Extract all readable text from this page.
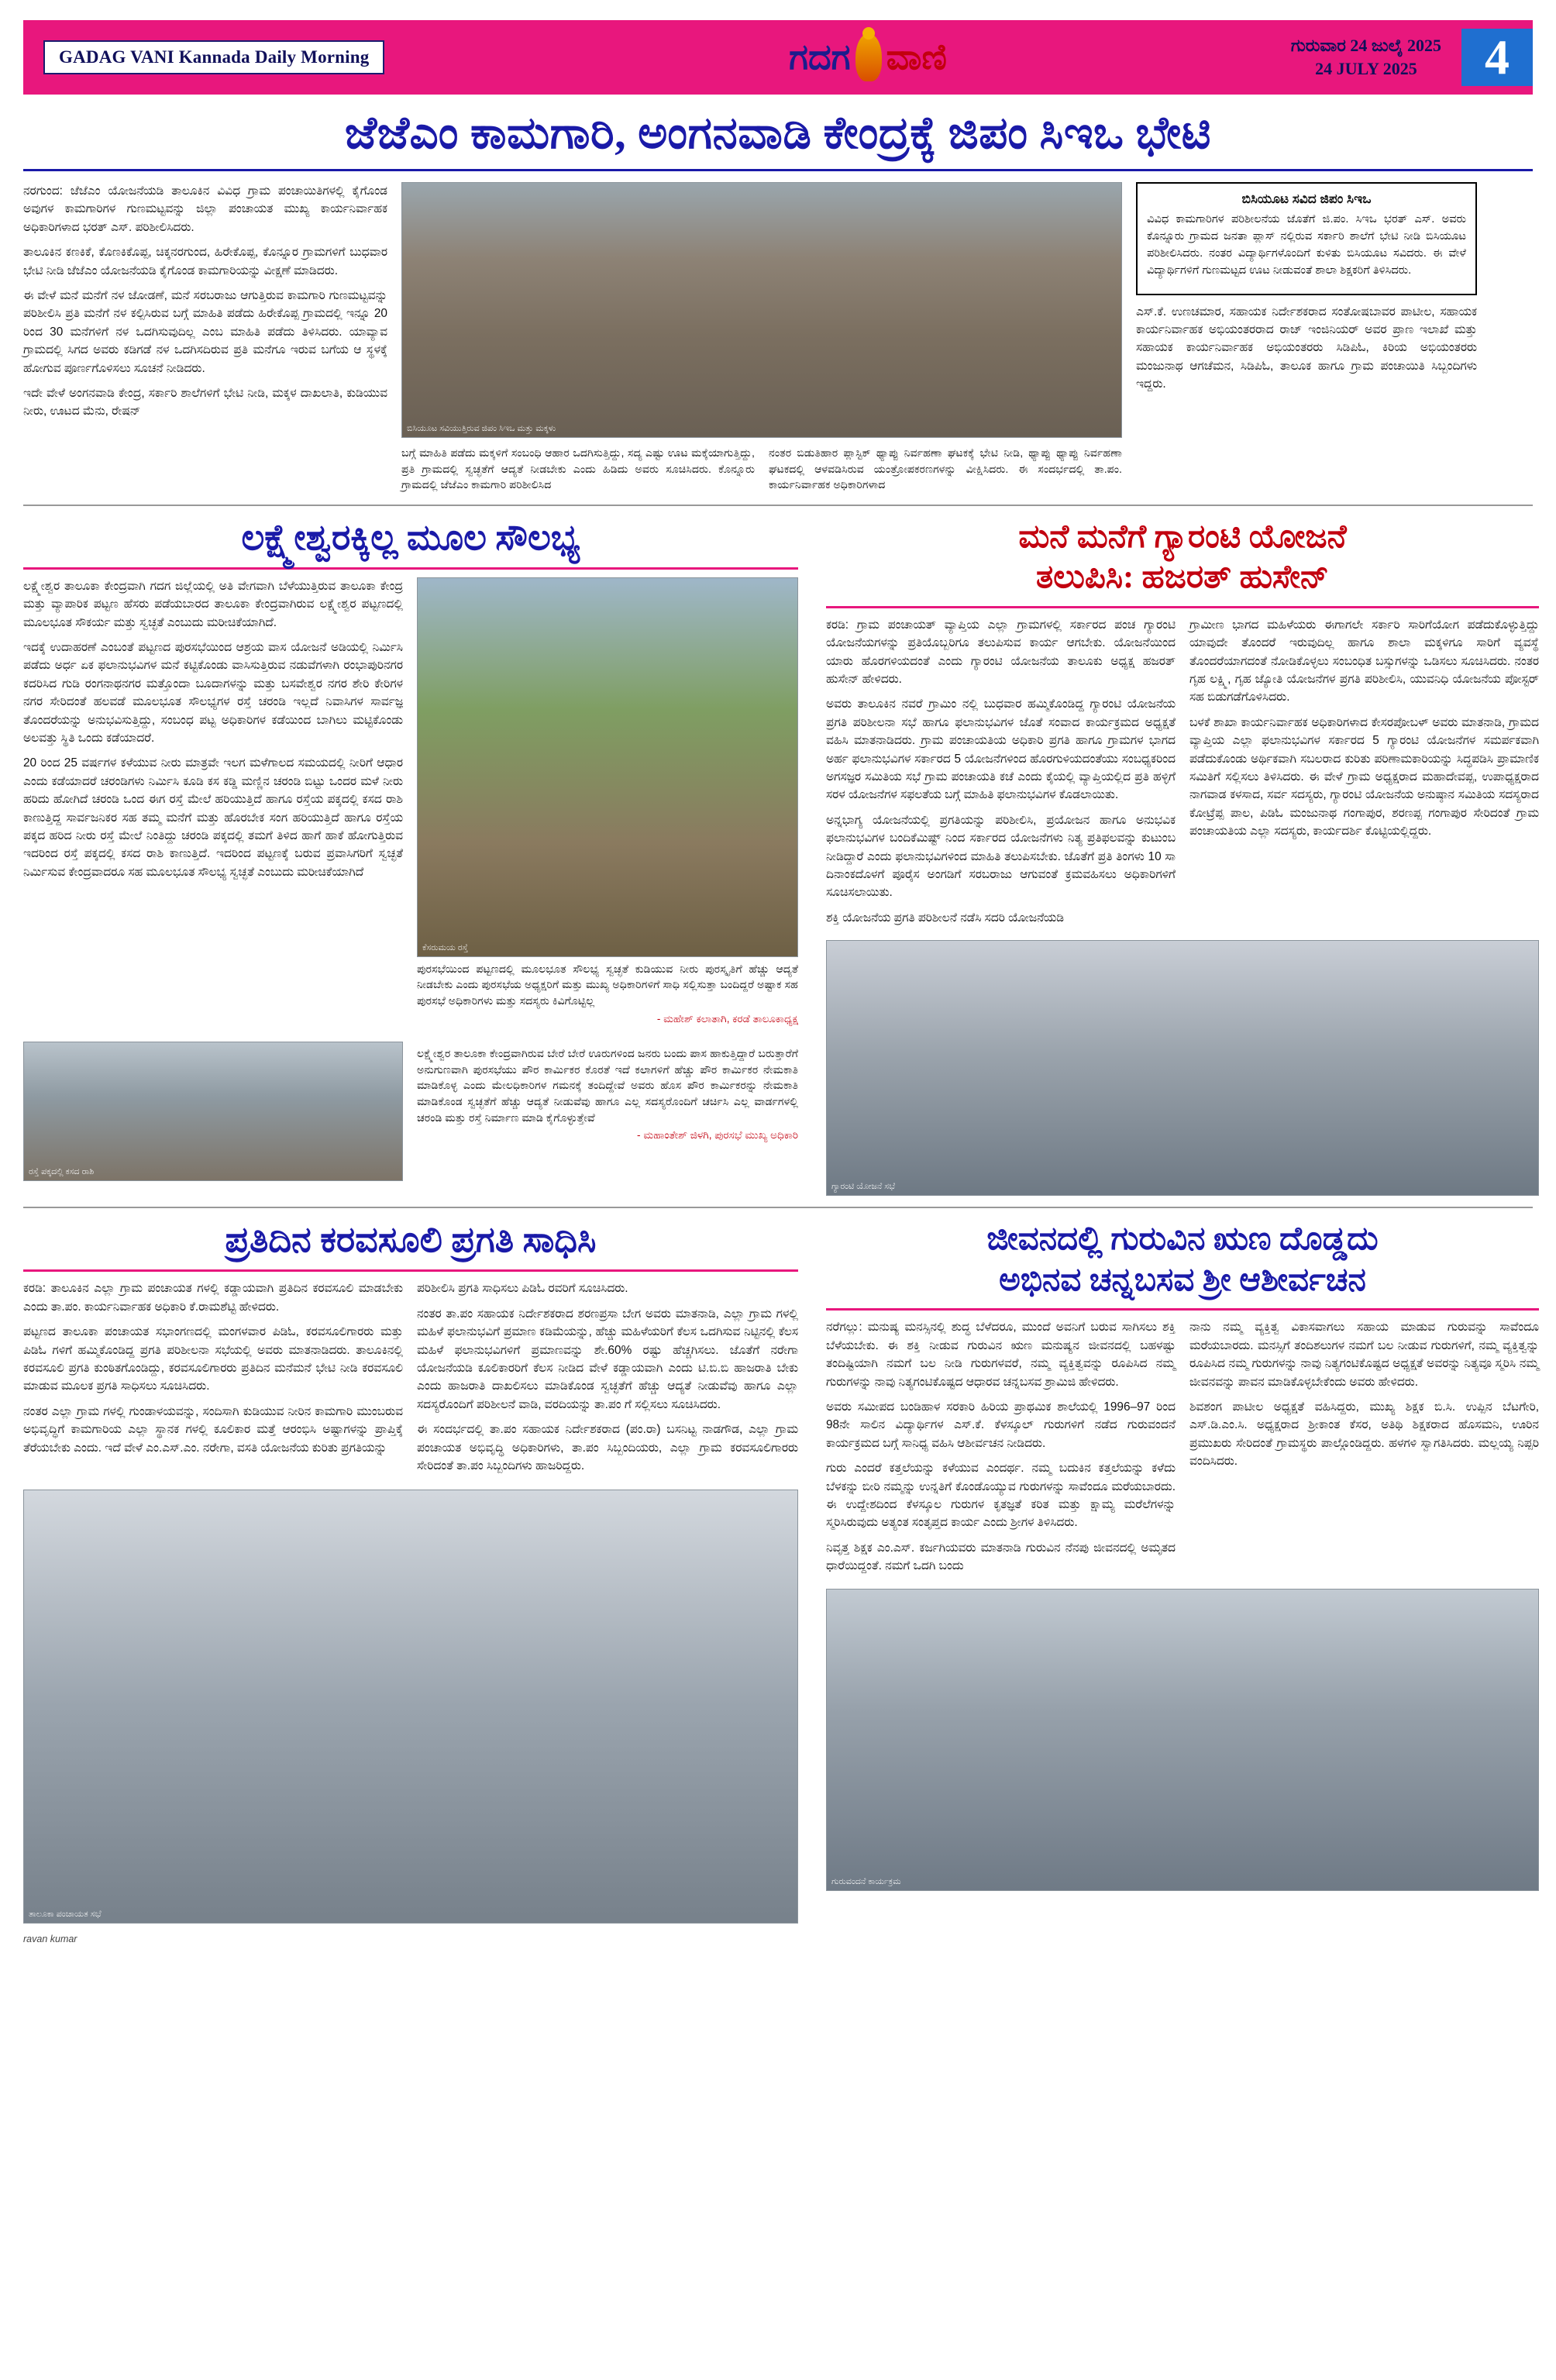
GADAG VANI Kannada Daily Morning	ಗದಗ ವಾಣಿ	ಗುರುವಾರ 24 ಜುಲೈ 2025
24 JULY 2025	4
ಜೆಜೆಎಂ ಕಾಮಗಾರಿ, ಅಂಗನವಾಡಿ ಕೇಂದ್ರಕ್ಕೆ ಜಿಪಂ ಸಿಇಒ ಭೇಟಿ

ನರಗುಂದ: ಜೆಜೆಎಂ ಯೋಜನೆಯಡಿ ತಾಲೂಕಿನ ವಿವಿಧ ಗ್ರಾಮ ಪಂಚಾಯಿತಿಗಳಲ್ಲಿ ಕೈಗೊಂಡ ಅವುಗಳ ಕಾಮಗಾರಿಗಳ ಗುಣಮಟ್ಟವನ್ನು ಜಿಲ್ಲಾ ಪಂಚಾಯತ ಮುಖ್ಯ ಕಾರ್ಯನಿರ್ವಾಹಕ ಅಧಿಕಾರಿಗಳಾದ ಭರತ್ ಎಸ್. ಪರಿಶೀಲಿಸಿದರು.

ತಾಲೂಕಿನ ಕಣಕಿಕೆ, ಕೊಣಕಿಕೊಪ್ಪ, ಚಿಕ್ಕನರಗುಂದ, ಹಿರೇಕೊಪ್ಪ, ಕೊನ್ನೂರ ಗ್ರಾಮಗಳಿಗೆ ಬುಧವಾರ ಭೇಟಿ ನೀಡಿ ಜೆಜೆಎಂ ಯೋಜನೆಯಡಿ ಕೈಗೊಂಡ ಕಾಮಗಾರಿಯನ್ನು ವೀಕ್ಷಣೆ ಮಾಡಿದರು.

ಈ ವೇಳೆ ಮನೆ ಮನೆಗೆ ನಳ ಜೋಡಣೆ, ಮನೆ ಸರಬರಾಜು ಆಗುತ್ತಿರುವ ಕಾಮಗಾರಿ ಗುಣಮಟ್ಟವನ್ನು ಪರಿಶೀಲಿಸಿ ಪ್ರತಿ ಮನೆಗೆ ನಳ ಕಲ್ಪಿಸಿರುವ ಬಗ್ಗೆ ಮಾಹಿತಿ ಪಡೆದು ಹಿರೇಕೊಪ್ಪ ಗ್ರಾಮದಲ್ಲಿ ಇನ್ನೂ 20 ರಿಂದ 30 ಮನೆಗಳಿಗೆ ನಳ ಒದಗಿಸುವುದಿಲ್ಲ ಎಂಬ ಮಾಹಿತಿ ಪಡೆದು ತಿಳಿಸಿದರು. ಯಾವ್ಯಾವ ಗ್ರಾಮದಲ್ಲಿ ಸಿಗದ ಅವರು ಕಡಿಗಡೆ ನಳ ಒದಗಿಸದಿರುವ ಪ್ರತಿ ಮನೆಗೂ ಇರುವ ಬಗೆಯ ಆ ಸ್ಥಳಕ್ಕೆ ಹೋಗುವ ಪೂರ್ಣಗೊಳಿಸಲು ಸೂಚನೆ ನೀಡಿದರು.

ಇದೇ ವೇಳೆ ಅಂಗನವಾಡಿ ಕೇಂದ್ರ, ಸರ್ಕಾರಿ ಶಾಲೆಗಳಿಗೆ ಭೇಟಿ ನೀಡಿ, ಮಕ್ಕಳ ದಾಖಲಾತಿ, ಕುಡಿಯುವ ನೀರು, ಊಟದ ಮೆನು, ರೇಷನ್

ಬಿಸಿಯೂಟ ಸವಿಯುತ್ತಿರುವ ಜಿಪಂ ಸಿಇಒ ಮತ್ತು ಮಕ್ಕಳು

ಬಗ್ಗೆ ಮಾಹಿತಿ ಪಡೆದು ಮಕ್ಕಳಿಗೆ ಸಂಬಂಧಿ ಆಹಾರ ಒದಗಿಸುತ್ತಿದ್ದು, ಸದ್ಯ ಎಷ್ಟು ಊಟ ಮಕ್ಕೆಯಾಗುತ್ತಿದ್ದು, ಪ್ರತಿ ಗ್ರಾಮದಲ್ಲಿ ಸ್ವಚ್ಛತೆಗೆ ಆದ್ಯತೆ ನೀಡಬೇಕು ಎಂದು ಹಿಡಿದು ಅವರು ಸೂಚಿಸಿದರು. ಕೊನ್ನೂರು ಗ್ರಾಮದಲ್ಲಿ ಜೆಜೆಎಂ ಕಾಮಗಾರಿ ಪರಿಶೀಲಿಸಿದ

ನಂತರ ಬಿಡುತಿಹಾರ ಪ್ಲಾಸ್ಟಿಕ್ ಥ್ಯಾಪ್ಪು ನಿರ್ವಹಣಾ ಘಟಕಕ್ಕೆ ಭೇಟಿ ನೀಡಿ, ಥ್ಯಾಪ್ಪು ಥ್ಯಾಪ್ಪು ನಿರ್ವಹಣಾ ಘಟಕದಲ್ಲಿ ಆಳವಡಿಸಿರುವ ಯಂತ್ರೋಪಕರಣಗಳನ್ನು ವೀಕ್ಷಿಸಿದರು. ಈ ಸಂದರ್ಭದಲ್ಲಿ ತಾ.ಪಂ. ಕಾರ್ಯನಿರ್ವಾಹಕ ಅಧಿಕಾರಿಗಳಾದ

ಬಿಸಿಯೂಟ ಸವಿದ ಜಿಪಂ ಸಿಇಒ

ವಿವಿಧ ಕಾಮಗಾರಿಗಳ ಪರಿಶೀಲನೆಯ ಜೊತೆಗೆ ಜಿ.ಪಂ. ಸಿಇಒ ಭರತ್ ಎಸ್. ಅವರು ಕೊನ್ನೂರು ಗ್ರಾಮದ ಜನತಾ ಪ್ಲಾಸ್ ನಲ್ಲಿರುವ ಸರ್ಕಾರಿ ಶಾಲೆಗೆ ಭೇಟಿ ನೀಡಿ ಬಿಸಿಯೂಟ ಪರಿಶೀಲಿಸಿದರು. ನಂತರ ವಿದ್ಯಾರ್ಥಿಗಳೊಂದಿಗೆ ಕುಳಿತು ಬಿಸಿಯೂಟ ಸವಿದರು. ಈ ವೇಳೆ ವಿದ್ಯಾರ್ಥಿಗಳಿಗೆ ಗುಣಮಟ್ಟದ ಊಟ ನೀಡುವಂತೆ ಶಾಲಾ ಶಿಕ್ಷಕರಿಗೆ ತಿಳಿಸಿದರು.

ಎಸ್.ಕೆ. ಉಣಚಮಾರ, ಸಹಾಯಕ ನಿರ್ದೇಶಕರಾದ ಸಂತೋಷಬಾವರ ಪಾಟೀಲ, ಸಹಾಯಕ ಕಾರ್ಯನಿರ್ವಾಹಕ ಅಭಿಯಂತರರಾದ ರಾಜ್ ಇಂಜಿನಿಯರ್ ಅವರ ಪ್ರಾಣ ಇಲಾಖೆ ಮತ್ತು ಸಹಾಯಕ ಕಾರ್ಯನಿರ್ವಾಹಕ ಅಭಿಯಂತರರು ಸಿಡಿಪಿಓ, ಕಿರಿಯ ಅಭಿಯಂತರರು ಮಂಜುನಾಥ ಆಗಚೆಮನ, ಸಿಡಿಪಿಓ, ತಾಲೂಕ ಹಾಗೂ ಗ್ರಾಮ ಪಂಚಾಯಿತಿ ಸಿಬ್ಬಂದಿಗಳು ಇದ್ದರು.

ಲಕ್ಷ್ಮೇಶ್ವರಕ್ಕಿಲ್ಲ ಮೂಲ ಸೌಲಭ್ಯ

ಲಕ್ಷ್ಮೇಶ್ವರ ತಾಲೂಕಾ ಕೇಂದ್ರವಾಗಿ ಗದಗ ಜಿಲ್ಲೆಯಲ್ಲಿ ಅತಿ ವೇಗವಾಗಿ ಬೆಳೆಯುತ್ತಿರುವ ತಾಲೂಕಾ ಕೇಂದ್ರ ಮತ್ತು ವ್ಯಾಪಾರಿಕ ಪಟ್ಟಣ ಹೆಸರು ಪಡೆಯಬಾರದ ತಾಲೂಕಾ ಕೇಂದ್ರವಾಗಿರುವ ಲಕ್ಷ್ಮೇಶ್ವರ ಪಟ್ಟಣದಲ್ಲಿ ಮೂಲಭೂತ ಸೌಕರ್ಯ ಮತ್ತು ಸ್ವಚ್ಛತೆ ಎಂಬುದು ಮರೀಚಿಕೆಯಾಗಿದೆ.

ಇದಕ್ಕೆ ಉದಾಹರಣೆ ಎಂಬಂತೆ ಪಟ್ಟಣದ ಪುರಸಭೆಯಿಂದ ಆಶ್ರಯ ವಾಸ ಯೋಜನೆ ಅಡಿಯಲ್ಲಿ ನಿರ್ಮಿಸಿ ಪಡೆದು ಅರ್ಧ ಏಕ ಫಲಾನುಭವಿಗಳ ಮನೆ ಕಟ್ಟಿಕೊಂಡು ವಾಸಿಸುತ್ತಿರುವ ನಡುವೆಗಳಾಗಿ ರಂಭಾಪುರಿನಗರ ಕದರಿಸಿದ ಗುಡಿ ರಂಗನಾಥನಗರ ಮತ್ತೊಂದಾ ಬೂದಾಗಳನ್ನು ಮತ್ತು ಬಸವೇಶ್ವರ ನಗರ ಶೇರಿ ಕೇರಿಗಳ ನಗರ ಸೇರಿದಂತೆ ಹಲವಡೆ ಮೂಲಭೂತ ಸೌಲಭ್ಯಗಳ ರಸ್ತೆ ಚರಂಡಿ ಇಲ್ಲದೆ ನಿವಾಸಿಗಳ ಸಾರ್ವಜ್ಞ ತೊಂದರೆಯನ್ನು ಅನುಭವಿಸುತ್ತಿದ್ದು, ಸಂಬಂಧ ಪಟ್ಟ ಅಧಿಕಾರಿಗಳ ಕಡೆಯಿಂದ ಬಾಗಿಲು ಮಟ್ಟಿಕೊಂಡು ಅಲವತ್ತು ಸ್ಥಿತಿ ಒಂದು ಕಡೆಯಾದರೆ.

20 ರಿಂದ 25 ವರ್ಷಗಳ ಕಳೆಯುವ ನೀರು ಮಾತ್ರವೇ ಇಲಗ ಮಳೆಗಾಲದ ಸಮಯದಲ್ಲಿ ನೀರಿಗೆ ಆಧಾರ ಎಂದು ಕಡೆಯಾದರೆ ಚರಂಡಿಗಳು ನಿರ್ಮಿಸಿ ಕೂಡಿ ಕಸ ಕಡ್ಡಿ ಮಣ್ಣಿನ ಚರಂಡಿ ಬಿಟ್ಟು ಒಂದರ ಮಳೆ ನೀರು ಹರಿದು ಹೋಗಿದೆ ಚರಂಡಿ ಒಂದ ಈಗ ರಸ್ತೆ ಮೇಲೆ ಹರಿಯುತ್ತಿದೆ ಹಾಗೂ ರಸ್ತೆಯ ಪಕ್ಕದಲ್ಲಿ ಕಸದ ರಾಶಿ ಕಾಣುತ್ತಿದ್ದ ಸಾರ್ವಜನಿಕರ ಸಹ ತಮ್ಮ ಮನೆಗೆ ಮತ್ತು ಹೊರಬೇಕ ಸಂಗ ಹರಿಯುತ್ತಿದೆ ಹಾಗೂ ರಸ್ತೆಯ ಪಕ್ಕದ ಹರಿದ ನೀರು ರಸ್ತೆ ಮೇಲೆ ನಿಂತಿದ್ದು ಚರಂಡಿ ಪಕ್ಕದಲ್ಲಿ ತಮಗೆ ತಿಳಿದ ಹಾಗೆ ಹಾಕೆ ಹೋಗುತ್ತಿರುವ ಇದರಿಂದ ರಸ್ತೆ ಪಕ್ಕದಲ್ಲಿ ಕಸದ ರಾಶಿ ಕಾಣುತ್ತಿದೆ. ಇದರಿಂದ ಪಟ್ಟಣಕ್ಕೆ ಬರುವ ಪ್ರವಾಸಿಗರಿಗೆ ಸ್ವಚ್ಛತೆ ನಿರ್ಮಿಸುವ ಕೇಂದ್ರವಾದರೂ ಸಹ ಮೂಲಭೂತ ಸೌಲಭ್ಯ ಸ್ವಚ್ಛತೆ ಎಂಬುದು ಮರೀಚಿಕೆಯಾಗಿದೆ

ಕೆಸರುಮಯ ರಸ್ತೆ

ಪುರಸಭೆಯಿಂದ ಪಟ್ಟಣದಲ್ಲಿ ಮೂಲಭೂತ ಸೌಲಭ್ಯ ಸ್ವಚ್ಛತೆ ಕುಡಿಯುವ ನೀರು ಪುರಸ್ಕೃತಿಗೆ ಹೆಚ್ಚು ಆದ್ಯತೆ ನೀಡಬೇಕು ಎಂದು ಪುರಸಭೆಯ ಅಧ್ಯಕ್ಷರಿಗೆ ಮತ್ತು ಮುಖ್ಯ ಅಧಿಕಾರಿಗಳಿಗೆ ಸಾಧಿ ಸಲ್ಲಿಸುತ್ತಾ ಬಂದಿದ್ದರೆ ಅಷ್ಟಾಕ ಸಹ ಪುರಸಭೆ ಅಧಿಕಾರಿಗಳು ಮತ್ತು ಸದಸ್ಯರು ಕಿವಿಗೊಟ್ಟಿಲ್ಲ

- ಮಹೇಶ್ ಕಲಾತಾಗಿ, ಕರಡೆ ತಾಲೂಕಾಧ್ಯಕ್ಷ

ರಸ್ತೆ ಪಕ್ಕದಲ್ಲಿ ಕಸದ ರಾಶಿ

ಲಕ್ಷ್ಮೇಶ್ವರ ತಾಲೂಕಾ ಕೇಂದ್ರವಾಗಿರುವ ಬೇರೆ ಬೇರೆ ಊರುಗಳಿಂದ ಜನರು ಬಂದು ಪಾಸ ಹಾಕುತ್ತಿದ್ದಾರೆ ಬರುತ್ತಾರೆಗೆ ಅನುಗುಣವಾಗಿ ಪುರಸಭೆಯು ಪೌರ ಕಾರ್ಮಿಕರ ಕೊರತೆ ಇದೆ ಕಲಾಗಳಿಗೆ ಹೆಚ್ಚು ಪೌರ ಕಾರ್ಮಿಕರ ನೇಮಕಾತಿ ಮಾಡಿಕೊಳ್ಳ ಎಂದು ಮೇಲಧಿಕಾರಿಗಳ ಗಮನಕ್ಕೆ ತಂದಿದ್ದೇವೆ ಅವರು ಹೊಸ ಪೌರ ಕಾರ್ಮಿಕರನ್ನು ನೇಮಕಾತಿ ಮಾಡಿಕೊಂಡ ಸ್ವಚ್ಛತೆಗೆ ಹೆಚ್ಚು ಆದ್ಯತೆ ನೀಡುವೆವು ಹಾಗೂ ಎಲ್ಲ ಸದಸ್ಯರೊಂದಿಗೆ ಚರ್ಚಿಸಿ ಎಲ್ಲ ವಾರ್ಡಗಳಲ್ಲಿ ಚರಂಡಿ ಮತ್ತು ರಸ್ತೆ ನಿರ್ಮಾಣ ಮಾಡಿ ಕೈಗೊಳ್ಳುತ್ತೇವೆ

- ಮಹಾಂತೇಶ್ ಜಿಳಗಿ, ಪುರಸಭೆ ಮುಖ್ಯ ಅಧಿಕಾರಿ

ಮನೆ ಮನೆಗೆ ಗ್ಯಾರಂಟಿ ಯೋಜನೆ
ತಲುಪಿಸಿ: ಹಜರತ್ ಹುಸೇನ್

ಕರಡಿ: ಗ್ರಾಮ ಪಂಚಾಯತ್ ವ್ಯಾಪ್ತಿಯ ಎಲ್ಲಾ ಗ್ರಾಮಗಳಲ್ಲಿ ಸರ್ಕಾರದ ಪಂಚ ಗ್ಯಾರಂಟಿ ಯೋಜನೆಯಗಳನ್ನು ಪ್ರತಿಯೊಬ್ಬರಿಗೂ ತಲುಪಿಸುವ ಕಾರ್ಯ ಆಗಬೇಕು. ಯೋಜನೆಯಿಂದ ಯಾರು ಹೊರಗಳಿಯದಂತೆ ಎಂದು ಗ್ಯಾರಂಟಿ ಯೋಜನೆಯ ತಾಲೂಕು ಅಧ್ಯಕ್ಷ ಹಜರತ್ ಹುಸೇನ್ ಹೇಳಿದರು.

ಅವರು ತಾಲೂಕಿನ ನವರೆ ಗ್ರಾಮಿಂ ನಲ್ಲಿ ಬುಧವಾರ ಹಮ್ಮಿಕೊಂಡಿದ್ದ ಗ್ಯಾರಂಟಿ ಯೋಜನೆಯ ಪ್ರಗತಿ ಪರಿಶೀಲನಾ ಸಭೆ ಹಾಗೂ ಫಲಾನುಭವಿಗಳ ಜೊತೆ ಸಂವಾದ ಕಾರ್ಯಕ್ರಮದ ಅಧ್ಯಕ್ಷತೆ ವಹಿಸಿ ಮಾತನಾಡಿದರು. ಗ್ರಾಮ ಪಂಚಾಯತಿಯ ಅಧಿಕಾರಿ ಪ್ರಗತಿ ಹಾಗೂ ಗ್ರಾಮಗಳ ಭಾಗದ ಅರ್ಹ ಫಲಾನುಭವಿಗಳ ಸರ್ಕಾರದ 5 ಯೋಜನೆಗಳಿಂದ ಹೊರಗುಳಿಯದಂತೆಯು ಸಂಬಧ್ಯಕರಿಂದ ಅಗಸಜ್ಞರ ಸಮಿತಿಯ ಸಭೆ ಗ್ರಾಮ ಪಂಚಾಯತಿ ಕಚೆ ಎಂದು ಕೈಯಲ್ಲಿ ವ್ಯಾಪ್ತಿಯಲ್ಲಿದ ಪ್ರತಿ ಹಳ್ಳಿಗೆ ಸರಳ ಯೋಜನೆಗಳ ಸಫಲತೆಯ ಬಗ್ಗೆ ಮಾಹಿತಿ ಫಲಾನುಭವಿಗಳ ಕೊಡಲಾಯಿತು.

ಅನ್ನಭಾಗ್ಯ ಯೋಜನೆಯಲ್ಲಿ ಪ್ರಗತಿಯನ್ನು ಪರಿಶೀಲಿಸಿ, ಪ್ರಯೋಜನ ಹಾಗೂ ಅನುಭವಿಕ ಫಲಾನುಭವಿಗಳ ಬಂದಿಕೆಮಿಷ್ಟ್ ನಿಂದ ಸರ್ಕಾರದ ಯೋಜನೆಗಳು ನಿತ್ಯ ಪ್ರತಿಫಲವನ್ನು ಕುಟುಂಬ ನೀಡಿದ್ದಾರೆ ಎಂದು ಫಲಾನುಭವಿಗಳಿಂದ ಮಾಹಿತಿ ತಲುಪಿಸಬೇಕು. ಜೊತೆಗೆ ಪ್ರತಿ ತಿಂಗಳು 10 ಸಾ ದಿನಾಂಕದೊಳಗೆ ಪೂರೈಸ ಅಂಗಡಿಗೆ ಸರಬರಾಜು ಆಗುವಂತೆ ಕ್ರಮವಹಿಸಲು ಅಧಿಕಾರಿಗಳಿಗೆ ಸೂಚಿಸಲಾಯಿತು.

ಶಕ್ತಿ ಯೋಜನೆಯ ಪ್ರಗತಿ ಪರಿಶೀಲನೆ ನಡೆಸಿ ಸದರಿ ಯೋಜನೆಯಡಿ

ಗ್ರಾಮೀಣ ಭಾಗದ ಮಹಿಳೆಯರು ಈಗಾಗಲೇ ಸರ್ಕಾರಿ ಸಾರಿಗೆಯೋಗ ಪಡೆದುಕೊಳ್ಳುತ್ತಿದ್ದು ಯಾವುದೇ ತೊಂದರೆ ಇರುವುದಿಲ್ಲ ಹಾಗೂ ಶಾಲಾ ಮಕ್ಕಳಿಗೂ ಸಾರಿಗೆ ವ್ಯವಸ್ಥೆ ತೊಂದರೆಯಾಗದಂತೆ ನೋಡಿಕೊಳ್ಳಲು ಸಂಬಂಧಿತ ಬಸ್ಸುಗಳನ್ನು ಒಡಿಸಲು ಸೂಚಿಸಿದರು. ನಂತರ ಗೃಹ ಲಕ್ಷ್ಮಿ, ಗೃಹ ಜ್ಯೋತಿ ಯೋಜನೆಗಳ ಪ್ರಗತಿ ಪರಿಶೀಲಿಸಿ, ಯುವನಿಧಿ ಯೋಜನೆಯ ಪೋಸ್ಟರ್ ಸಹ ಬಿಡುಗಡೆಗೊಳಿಸಿದರು.

ಬಳಕೆ ಶಾಖಾ ಕಾರ್ಯನಿರ್ವಾಹಕ ಅಧಿಕಾರಿಗಳಾದ ಕೇಸರಪೋಬಳ್ ಅವರು ಮಾತನಾಡಿ, ಗ್ರಾಮದ ವ್ಯಾಪ್ತಿಯ ಎಲ್ಲಾ ಫಲಾನುಭವಿಗಳ ಸರ್ಕಾರದ 5 ಗ್ಯಾರಂಟಿ ಯೋಜನೆಗಳ ಸಮರ್ಪಕವಾಗಿ ಪಡೆದುಕೊಂಡು ಅರ್ಥಿಕವಾಗಿ ಸಬಲರಾದ ಕುರಿತು ಪರಿಣಾಮಕಾರಿಯನ್ನು ಸಿದ್ಧಪಡಿಸಿ ಪ್ರಾಮಾಣಿಕ ಸಮಿತಿಗೆ ಸಲ್ಲಿಸಲು ತಿಳಿಸಿದರು. ಈ ವೇಳೆ ಗ್ರಾಮ ಅಧ್ಯಕ್ಷರಾದ ಮಹಾದೇವಪ್ಪ, ಉಪಾಧ್ಯಕ್ಷರಾದ ನಾಗವಾಡ ಕಳಸಾದ, ಸರ್ವ ಸದಸ್ಯರು, ಗ್ಯಾರಂಟಿ ಯೋಜನೆಯ ಅನುಷ್ಠಾನ ಸಮಿತಿಯ ಸದಸ್ಯರಾದ ಕೋಟ್ರೆಪ್ಪ ಪಾಲ, ಪಿಡಿಓ ಮಂಜುನಾಥ ಗಂಗಾಪುರ, ಶರಣಪ್ಪ ಗಂಗಾಪುರ ಸೇರಿದಂತೆ ಗ್ರಾಮ ಪಂಚಾಯತಿಯ ಎಲ್ಲಾ ಸದಸ್ಯರು, ಕಾರ್ಯದರ್ಶಿ ಕೊಟ್ಟಿಯಲ್ಲಿದ್ದರು.

ಗ್ಯಾರಂಟಿ ಯೋಜನೆ ಸಭೆ
ಪ್ರತಿದಿನ ಕರವಸೂಲಿ ಪ್ರಗತಿ ಸಾಧಿಸಿ

ಕರಡಿ: ತಾಲೂಕಿನ ಎಲ್ಲಾ ಗ್ರಾಮ ಪಂಚಾಯತ ಗಳಲ್ಲಿ ಕಡ್ಡಾಯವಾಗಿ ಪ್ರತಿದಿನ ಕರವಸೂಲಿ ಮಾಡಬೇಕು ಎಂದು ತಾ.ಪಂ. ಕಾರ್ಯನಿರ್ವಾಹಕ ಅಧಿಕಾರಿ ಕೆ.ರಾಮಶೆಟ್ಟಿ ಹೇಳಿದರು.

ಪಟ್ಟಣದ ತಾಲೂಕಾ ಪಂಚಾಯತ ಸಭಾಂಗಣದಲ್ಲಿ ಮಂಗಳವಾರ ಪಿಡಿಓ, ಕರವಸೂಲಿಗಾರರು ಮತ್ತು ಪಿಡಿಓ ಗಳಿಗೆ ಹಮ್ಮಿಕೊಂಡಿದ್ದ ಪ್ರಗತಿ ಪರಿಶೀಲನಾ ಸಭೆಯಲ್ಲಿ ಅವರು ಮಾತನಾಡಿದರು. ತಾಲೂಕಿನಲ್ಲಿ ಕರವಸೂಲಿ ಪ್ರಗತಿ ಕುಂಠಿತಗೊಂಡಿದ್ದು, ಕರವಸೂಲಿಗಾರರು ಪ್ರತಿದಿನ ಮನೆಮನೆ ಭೇಟಿ ನೀಡಿ ಕರವಸೂಲಿ ಮಾಡುವ ಮೂಲಕ ಪ್ರಗತಿ ಸಾಧಿಸಲು ಸೂಚಿಸಿದರು.

ನಂತರ ಎಲ್ಲಾ ಗ್ರಾಮ ಗಳಲ್ಲಿ ಗುಂಡಾಳಯವನ್ನು, ಸಂದಿಸಾಗಿ ಕುಡಿಯುವ ನೀರಿನ ಕಾಮಗಾರಿ ಮುಂಬರುವ ಅಭಿವೃದ್ಧಿಗೆ ಕಾಮಗಾರಿಯ ಎಲ್ಲಾ ಸ್ಥಾನಕ ಗಳಲ್ಲಿ ಕೂಲಿಕಾರ ಮತ್ತೆ ಆರಂಭಿಸಿ ಅಷ್ಟಾಗಳನ್ನು ಪ್ರಾಪ್ತಿಕ್ಕೆ ತೆರೆಯಬೇಕು ಎಂದು. ಇದೆ ವೇಳೆ ಎಂ.ಎಸ್.ಎಂ. ನರೇಗಾ, ವಸತಿ ಯೋಜನೆಯ ಕುರಿತು ಪ್ರಗತಿಯನ್ನು

ಪರಿಶೀಲಿಸಿ ಪ್ರಗತಿ ಸಾಧಿಸಲು ಪಿಡಿಓ ರವರಿಗೆ ಸೂಚಿಸಿದರು.

ನಂತರ ತಾ.ಪಂ ಸಹಾಯಕ ನಿರ್ದೇಶಕರಾದ ಶರಣಪ್ರಸಾ ಬೇಗ ಅವರು ಮಾತನಾಡಿ, ಎಲ್ಲಾ ಗ್ರಾಮ ಗಳಲ್ಲಿ ಮಹಿಳೆ ಫಲಾನುಭವಿಗೆ ಪ್ರಮಾಣ ಕಡಿಮೆಯನ್ನು, ಹೆಚ್ಚು ಮಹಿಳೆಯರಿಗೆ ಕೆಲಸ ಒದಗಿಸುವ ನಿಟ್ಟಿನಲ್ಲಿ ಕೆಲಸ ಮಹಿಳೆ ಫಲಾನುಭವಿಗಳಿಗೆ ಪ್ರಮಾಣವನ್ನು ಶೇ.60% ರಷ್ಟು ಹೆಚ್ಚಗಿಸಲು. ಜೊತೆಗೆ ನರೇಗಾ ಯೋಜನೆಯಡಿ ಕೂಲಿಕಾರರಿಗೆ ಕೆಲಸ ನೀಡಿದ ವೇಳೆ ಕಡ್ಡಾಯವಾಗಿ ಎಂದು ಟಿ.ಬಿ.ಬಿ ಹಾಜರಾತಿ ಬೇಕು ಎಂದು ಹಾಜರಾತಿ ದಾಖಲಿಸಲು ಮಾಡಿಕೊಂಡ ಸ್ವಚ್ಛತೆಗೆ ಹೆಚ್ಚು ಆದ್ಯತೆ ನೀಡುವೆವು ಹಾಗೂ ಎಲ್ಲಾ ಸದಸ್ಯರೊಂದಿಗೆ ಪರಿಶೀಲನೆ ವಾಡಿ, ವರದಿಯನ್ನು ತಾ.ಪಂ ಗೆ ಸಲ್ಲಿಸಲು ಸೂಚಿಸಿದರು.

ಈ ಸಂದರ್ಭದಲ್ಲಿ ತಾ.ಪಂ ಸಹಾಯಕ ನಿರ್ದೇಶಕರಾದ (ಪಂ.ರಾ) ಬಸನಿಟ್ಟ ನಾಡಗೌಡ, ಎಲ್ಲಾ ಗ್ರಾಮ ಪಂಚಾಯತ ಅಭಿವೃದ್ಧಿ ಅಧಿಕಾರಿಗಳು, ತಾ.ಪಂ ಸಿಬ್ಬಂದಿಯರು, ಎಲ್ಲಾ ಗ್ರಾಮ ಕರವಸೂಲಿಗಾರರು ಸೇರಿದಂತೆ ತಾ.ಪಂ ಸಿಬ್ಬಂದಿಗಳು ಹಾಜರಿದ್ದರು.

ತಾಲೂಕಾ ಪಂಚಾಯತ ಸಭೆ

ravan kumar

ಜೀವನದಲ್ಲಿ ಗುರುವಿನ ಋಣ ದೊಡ್ಡದು
ಅಭಿನವ ಚನ್ನಬಸವ ಶ್ರೀ ಆಶೀರ್ವಚನ

ನರೆಗಲ್ಲು: ಮನುಷ್ಯ ಮನಸ್ಸಿನಲ್ಲಿ ಶುದ್ಧ ಬೆಳೆದರೂ, ಮುಂದೆ ಅವನಿಗೆ ಬರುವ ಸಾಗಿಸಲು ಶಕ್ತಿ ಬೆಳೆಯಬೇಕು. ಈ ಶಕ್ತಿ ನೀಡುವ ಗುರುವಿನ ಋಣ ಮನುಷ್ಯನ ಜೀವನದಲ್ಲಿ ಬಹಳಷ್ಟು ತಂದಿಷ್ಟಿಯಾಗಿ ನಮಗೆ ಬಲ ನೀಡಿ ಗುರುಗಳವರೆ, ನಮ್ಮ ವ್ಯಕ್ತಿತ್ವವನ್ನು ರೂಪಿಸಿದ ನಮ್ಮ ಗುರುಗಳನ್ನು ನಾವು ನಿತ್ಯಗಂಟಿಕೊಷ್ಟದ ಆಧಾರವ ಚನ್ನಬಸವ ಶ್ರಾಮಿಜಿ ಹೇಳಿದರು.

ಅವರು ಸಮೀಪದ ಬಂಡಿಹಾಳ ಸರಕಾರಿ ಹಿರಿಯ ಪ್ರಾಥಮಿಕ ಶಾಲೆಯಲ್ಲಿ 1996–97 ರಿಂದ 98ನೇ ಸಾಲಿನ ವಿದ್ಯಾರ್ಥಿಗಳ ಎಸ್.ಕೆ. ಕೆಳಸ್ಕೂಲ್ ಗುರುಗಳಿಗೆ ನಡೆದ ಗುರುವಂದನೆ ಕಾರ್ಯಕ್ರಮದ ಬಗ್ಗೆ ಸಾನಿಧ್ಯ ವಹಿಸಿ ಆಶೀರ್ವಚನ ನೀಡಿದರು.

ಗುರು ಎಂದರೆ ಕತ್ತಲೆಯನ್ನು ಕಳೆಯುವ ಎಂದರ್ಥ. ನಮ್ಮ ಬದುಕಿನ ಕತ್ತಲೆಯನ್ನು ಕಳೆದು ಬೆಳಕನ್ನು ಬೀರಿ ನಮ್ಮನ್ನು ಉನ್ನತಿಗೆ ಕೊಂಡೊಯ್ಯುವ ಗುರುಗಳನ್ನು ಸಾವೆಂದೂ ಮರೆಯಬಾರದು. ಈ ಉದ್ದೇಶದಿಂದ ಕೆಳಸ್ಕೂಲ ಗುರುಗಳ ಕೃತಜ್ಞತೆ ಕರಿತ ಮತ್ತು ಕ್ಷಾಮ್ಯ ಮರೆಲೆಗಳನ್ನು ಸ್ಮರಿಸಿರುವುದು ಅತ್ಯಂತ ಸಂತೃಪ್ತದ ಕಾರ್ಯ ಎಂದು ಶ್ರೀಗಳ ತಿಳಿಸಿದರು.

ನಿವೃತ್ತ ಶಿಕ್ಷಕ ಎಂ.ಎಸ್. ಕರ್ಜಗಿಯವರು ಮಾತನಾಡಿ ಗುರುವಿನ ನೆನಪು ಜೀವನದಲ್ಲಿ ಅಮೃತದ ಧಾರೆಯಿದ್ದಂತೆ. ನಮಗೆ ಒದಗಿ ಬಂದು

ನಾನು ನಮ್ಮ ವ್ಯಕ್ತಿತ್ವ ವಿಕಾಸವಾಗಲು ಸಹಾಯ ಮಾಡುವ ಗುರುವನ್ನು ಸಾವೆಂದೂ ಮರೆಯಬಾರದು. ಮನಸ್ಸಿಗೆ ತಂದಿಶಲುಗಳ ನಮಗೆ ಬಲ ನೀಡುವ ಗುರುಗಳಿಗೆ, ನಮ್ಮ ವ್ಯಕ್ತಿತ್ವನ್ನು ರೂಪಿಸಿದ ನಮ್ಮ ಗುರುಗಳನ್ನು ನಾವು ನಿತ್ಯಗಂಟಿಕೊಷ್ಟದ ಅಧ್ಯಕ್ಷತೆ ಅವರನ್ನು ನಿತ್ಯವೂ ಸ್ಮರಿಸಿ ನಮ್ಮ ಜೀವನವನ್ನು ಪಾವನ ಮಾಡಿಕೊಳ್ಳಬೇಕೆಂದು ಅವರು ಹೇಳಿದರು.

ಶಿವಶಂಗ ಪಾಟೀಲ ಅಧ್ಯಕ್ಷತೆ ವಹಿಸಿದ್ದರು, ಮುಖ್ಯ ಶಿಕ್ಷಕ ಬಿ.ಸಿ. ಉಪ್ಪಿನ ಬೆಟಗೇರಿ, ಎಸ್.ಡಿ.ಎಂ.ಸಿ. ಅಧ್ಯಕ್ಷರಾದ ಶ್ರೀಕಾಂತ ಕೆಸರ, ಅತಿಥಿ ಶಿಕ್ಷಕರಾದ ಹೊಸಮನಿ, ಊರಿನ ಪ್ರಮುಖರು ಸೇರಿದಂತೆ ಗ್ರಾಮಸ್ಥರು ಪಾಲ್ಗೊಂಡಿದ್ದರು. ಹಳಗಳಿ ಸ್ವಾಗತಿಸಿದರು. ಮಲ್ಲಯ್ಯ ನಿಪ್ಪರಿ ವಂದಿಸಿದರು.

ಗುರುವಂದನೆ ಕಾರ್ಯಕ್ರಮ
